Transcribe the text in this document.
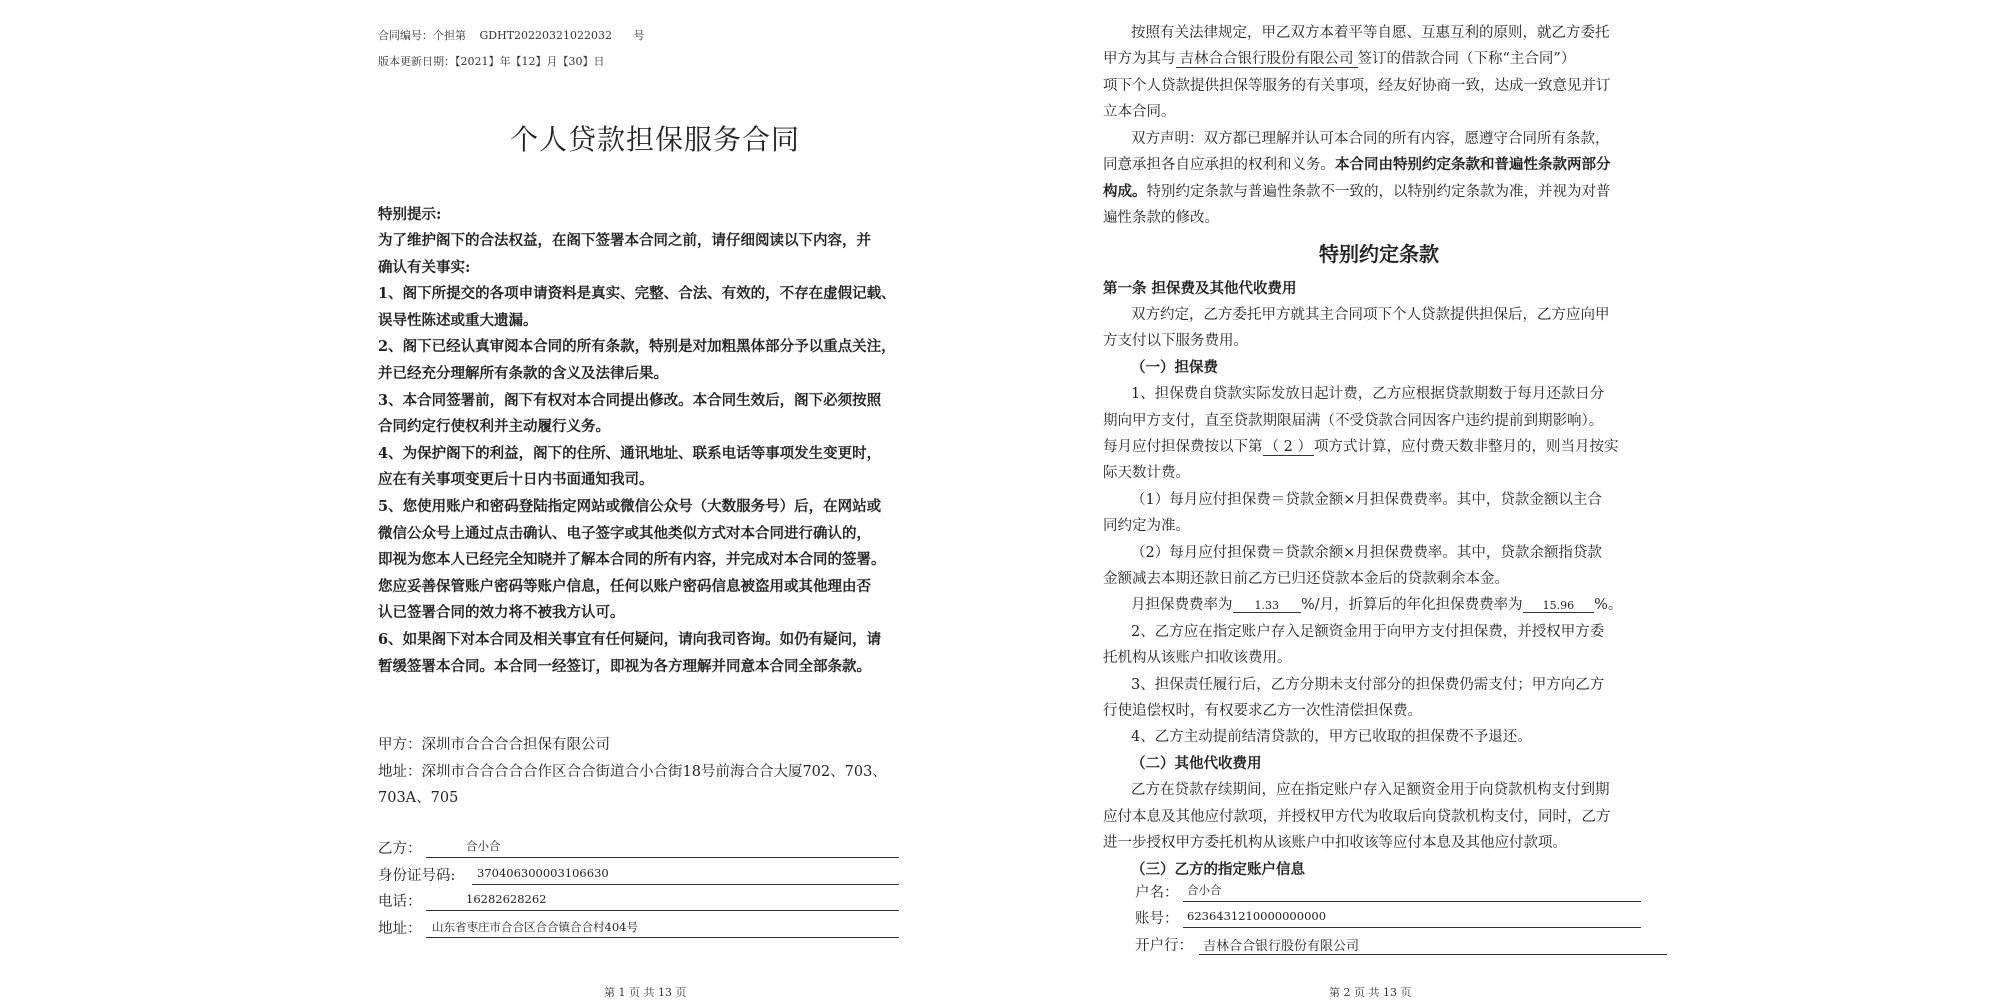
合同编号：个担第 GDHT20220321022032 号
版本更新日期：【2021】年【12】月【30】日
个人贷款担保服务合同
特别提示:
为了维护阁下的合法权益，在阁下签署本合同之前，请仔细阅读以下内容，并
确认有关事实:
1、阁下所提交的各项申请资料是真实、完整、合法、有效的，不存在虚假记载、
误导性陈述或重大遗漏。
2、阁下已经认真审阅本合同的所有条款，特别是对加粗黑体部分予以重点关注，
并已经充分理解所有条款的含义及法律后果。
3、本合同签署前，阁下有权对本合同提出修改。本合同生效后，阁下必须按照
合同约定行使权利并主动履行义务。
4、为保护阁下的利益，阁下的住所、通讯地址、联系电话等事项发生变更时，
应在有关事项变更后十日内书面通知我司。
5、您使用账户和密码登陆指定网站或微信公众号（大数服务号）后，在网站或
微信公众号上通过点击确认、电子签字或其他类似方式对本合同进行确认的，
即视为您本人已经完全知晓并了解本合同的所有内容，并完成对本合同的签署。
您应妥善保管账户密码等账户信息，任何以账户密码信息被盗用或其他理由否
认已签署合同的效力将不被我方认可。
6、如果阁下对本合同及相关事宜有任何疑问，请向我司咨询。如仍有疑问，请
暂缓签署本合同。本合同一经签订，即视为各方理解并同意本合同全部条款。
甲方：深圳市合合合合担保有限公司
地址：深圳市合合合合合作区合合街道合小合街18号前海合合大厦702、703、
703A、705
乙方：	合小合
身份证号码: 370406300003106630
电话：	16282628262
地址： 山东省枣庄市合合区合合镇合合村404号
第 1 页 共 13 页
按照有关法律规定，甲乙双方本着平等自愿、互惠互利的原则，就乙方委托
甲方为其与 吉林合合银行股份有限公司 签订的借款合同（下称“主合同”）
项下个人贷款提供担保等服务的有关事项，经友好协商一致，达成一致意见并订
立本合同。
双方声明：双方都已理解并认可本合同的所有内容，愿遵守合同所有条款，
同意承担各自应承担的权利和义务。本合同由特别约定条款和普遍性条款两部分
构成。特别约定条款与普遍性条款不一致的，以特别约定条款为准，并视为对普
遍性条款的修改。
特别约定条款
第一条 担保费及其他代收费用
双方约定，乙方委托甲方就其主合同项下个人贷款提供担保后，乙方应向甲
方支付以下服务费用。
（一）担保费
1、担保费自贷款实际发放日起计费，乙方应根据贷款期数于每月还款日分
期向甲方支付，直至贷款期限届满（不受贷款合同因客户违约提前到期影响）。
每月应付担保费按以下第 （ 2 ） 项方式计算，应付费天数非整月的，则当月按实
际天数计费。
（1）每月应付担保费＝贷款金额×月担保费费率。其中，贷款金额以主合
同约定为准。
（2）每月应付担保费＝贷款余额×月担保费费率。其中，贷款余额指贷款
金额减去本期还款日前乙方已归还贷款本金后的贷款剩余本金。
月担保费费率为 1.33 %/月，折算后的年化担保费费率为 15.96 %。
2、乙方应在指定账户存入足额资金用于向甲方支付担保费，并授权甲方委
托机构从该账户扣收该费用。
3、担保责任履行后，乙方分期未支付部分的担保费仍需支付；甲方向乙方
行使追偿权时，有权要求乙方一次性清偿担保费。
4、乙方主动提前结清贷款的，甲方已收取的担保费不予退还。
（二）其他代收费用
乙方在贷款存续期间，应在指定账户存入足额资金用于向贷款机构支付到期
应付本息及其他应付款项，并授权甲方代为收取后向贷款机构支付，同时，乙方
进一步授权甲方委托机构从该账户中扣收该等应付本息及其他应付款项。
（三）乙方的指定账户信息
户名： 合小合
账号： 6236431210000000000
开户行： 吉林合合银行股份有限公司
第 2 页 共 13 页
